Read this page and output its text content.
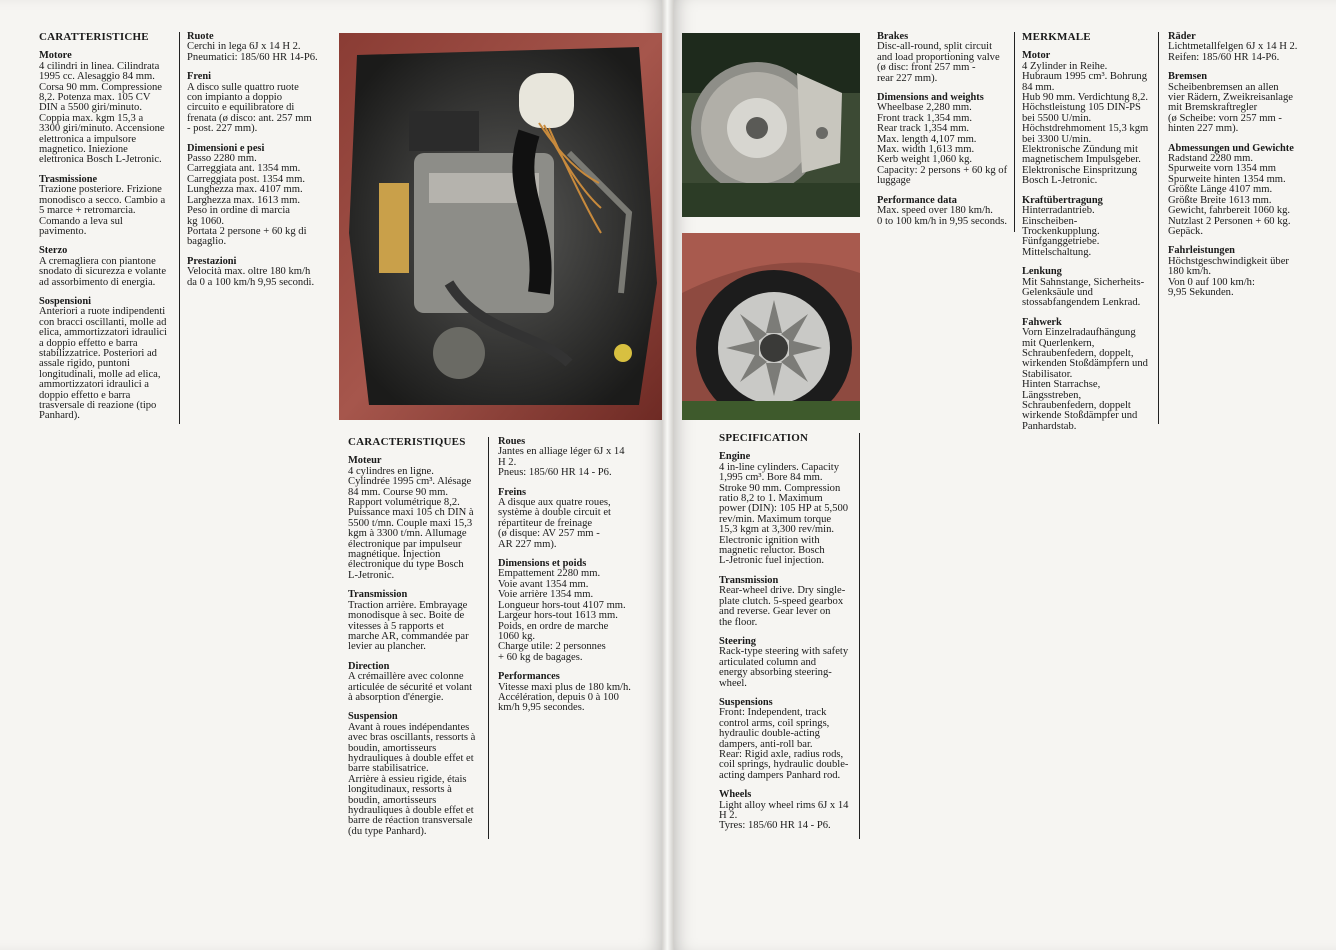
CARATTERISTICHE
Motore
4 cilindri in linea. Cilindrata
1995 cc. Alesaggio 84 mm.
Corsa 90 mm. Compressione
8,2. Potenza max. 105 CV
DIN a 5500 giri/minuto.
Coppia max. kgm 15,3 a
3300 giri/minuto. Accensione
elettronica a impulsore
magnetico. Iniezione
elettronica Bosch L-Jetronic.
Trasmissione
Trazione posteriore. Frizione
monodisco a secco. Cambio a
5 marce + retromarcia.
Comando a leva sul
pavimento.
Sterzo
A cremagliera con piantone
snodato di sicurezza e volante
ad assorbimento di energia.
Sospensioni
Anteriori a ruote indipendenti
con bracci oscillanti, molle ad
elica, ammortizzatori idraulici
a doppio effetto e barra
stabilizzatrice. Posteriori ad
assale rigido, puntoni
longitudinali, molle ad elica,
ammortizzatori idraulici a
doppio effetto e barra
trasversale di reazione (tipo
Panhard).
Ruote
Cerchi in lega 6J x 14 H 2.
Pneumatici: 185/60 HR 14-P6.
Freni
A disco sulle quattro ruote
con impianto a doppio
circuito e equilibratore di
frenata (ø disco: ant. 257 mm
- post. 227 mm).
Dimensioni e pesi
Passo 2280 mm.
Carreggiata ant. 1354 mm.
Carreggiata post. 1354 mm.
Lunghezza max. 4107 mm.
Larghezza max. 1613 mm.
Peso in ordine di marcia
kg 1060.
Portata 2 persone + 60 kg di
bagaglio.
Prestazioni
Velocità max. oltre 180 km/h
da 0 a 100 km/h 9,95 secondi.
CARACTERISTIQUES
Moteur
4 cylindres en ligne.
Cylindrée 1995 cm³. Alésage
84 mm. Course 90 mm.
Rapport volumétrique 8,2.
Puissance maxi 105 ch DIN à
5500 t/mn. Couple maxi 15,3
kgm à 3300 t/mn. Allumage
électronique par impulseur
magnétique. Injection
électronique du type Bosch
L-Jetronic.
Transmission
Traction arrière. Embrayage
monodisque à sec. Boite de
vitesses à 5 rapports et
marche AR, commandée par
levier au plancher.
Direction
A crémaillère avec colonne
articulée de sécurité et volant
à absorption d'énergie.
Suspension
Avant à roues indépendantes
avec bras oscillants, ressorts à
boudin, amortisseurs
hydrauliques à double effet et
barre stabilisatrice.
Arrière à essieu rigide, étais
longitudinaux, ressorts à
boudin, amortisseurs
hydrauliques à double effet et
barre de réaction transversale
(du type Panhard).
Roues
Jantes en alliage léger 6J x 14
H 2.
Pneus: 185/60 HR 14 - P6.
Freins
A disque aux quatre roues,
système à double circuit et
répartiteur de freinage
(ø disque: AV 257 mm -
AR 227 mm).
Dimensions et poids
Empattement 2280 mm.
Voie avant 1354 mm.
Voie arrière 1354 mm.
Longueur hors-tout 4107 mm.
Largeur hors-tout 1613 mm.
Poids, en ordre de marche
1060 kg.
Charge utile: 2 personnes
+ 60 kg de bagages.
Performances
Vitesse maxi plus de 180 km/h.
Accélération, depuis 0 à 100
km/h 9,95 secondes.
Brakes
Disc-all-round, split circuit
and load proportioning valve
(ø disc: front 257 mm -
rear 227 mm).
Dimensions and weights
Wheelbase 2,280 mm.
Front track 1,354 mm.
Rear track 1,354 mm.
Max. length 4,107 mm.
Max. width 1,613 mm.
Kerb weight 1,060 kg.
Capacity: 2 persons + 60 kg of
luggage
Performance data
Max. speed over 180 km/h.
0 to 100 km/h in 9,95 seconds.
MERKMALE
Motor
4 Zylinder in Reihe.
Hubraum 1995 cm³. Bohrung
84 mm.
Hub 90 mm. Verdichtung 8,2.
Höchstleistung 105 DIN-PS
bei 5500 U/min.
Höchstdrehmoment 15,3 kgm
bei 3300 U/min.
Elektronische Zündung mit
magnetischem Impulsgeber.
Elektronische Einspritzung
Bosch L-Jetronic.
Kraftübertragung
Hinterradantrieb.
Einscheiben-
Trockenkupplung.
Fünfganggetriebe.
Mittelschaltung.
Lenkung
Mit Sahnstange, Sicherheits-
Gelenksäule und
stossabfangendem Lenkrad.
Fahwerk
Vorn Einzelradaufhängung
mit Querlenkern,
Schraubenfedern, doppelt,
wirkenden Stoßdämpfern und
Stabilisator.
Hinten Starrachse,
Längsstreben,
Schraubenfedern, doppelt
wirkende Stoßdämpfer und
Panhardstab.
Räder
Lichtmetallfelgen 6J x 14 H 2.
Reifen: 185/60 HR 14-P6.
Bremsen
Scheibenbremsen an allen
vier Rädern, Zweikreisanlage
mit Bremskraftregler
(ø Scheibe: vorn 257 mm -
hinten 227 mm).
Abmessungen und Gewichte
Radstand 2280 mm.
Spurweite vorn 1354 mm
Spurweite hinten 1354 mm.
Größte Länge 4107 mm.
Größte Breite 1613 mm.
Gewicht, fahrbereit 1060 kg.
Nutzlast 2 Personen + 60 kg.
Gepäck.
Fahrleistungen
Höchstgeschwindigkeit über
180 km/h.
Von 0 auf 100 km/h:
9,95 Sekunden.
SPECIFICATION
Engine
4 in-line cylinders. Capacity
1,995 cm³. Bore 84 mm.
Stroke 90 mm. Compression
ratio 8,2 to 1. Maximum
power (DIN): 105 HP at 5,500
rev/min. Maximum torque
15,3 kgm at 3,300 rev/min.
Electronic ignition with
magnetic reluctor. Bosch
L-Jetronic fuel injection.
Transmission
Rear-wheel drive. Dry single-
plate clutch. 5-speed gearbox
and reverse. Gear lever on
the floor.
Steering
Rack-type steering with safety
articulated column and
energy absorbing steering-
wheel.
Suspensions
Front: Independent, track
control arms, coil springs,
hydraulic double-acting
dampers, anti-roll bar.
Rear: Rigid axle, radius rods,
coil springs, hydraulic double-
acting dampers Panhard rod.
Wheels
Light alloy wheel rims 6J x 14
H 2.
Tyres: 185/60 HR 14 - P6.
